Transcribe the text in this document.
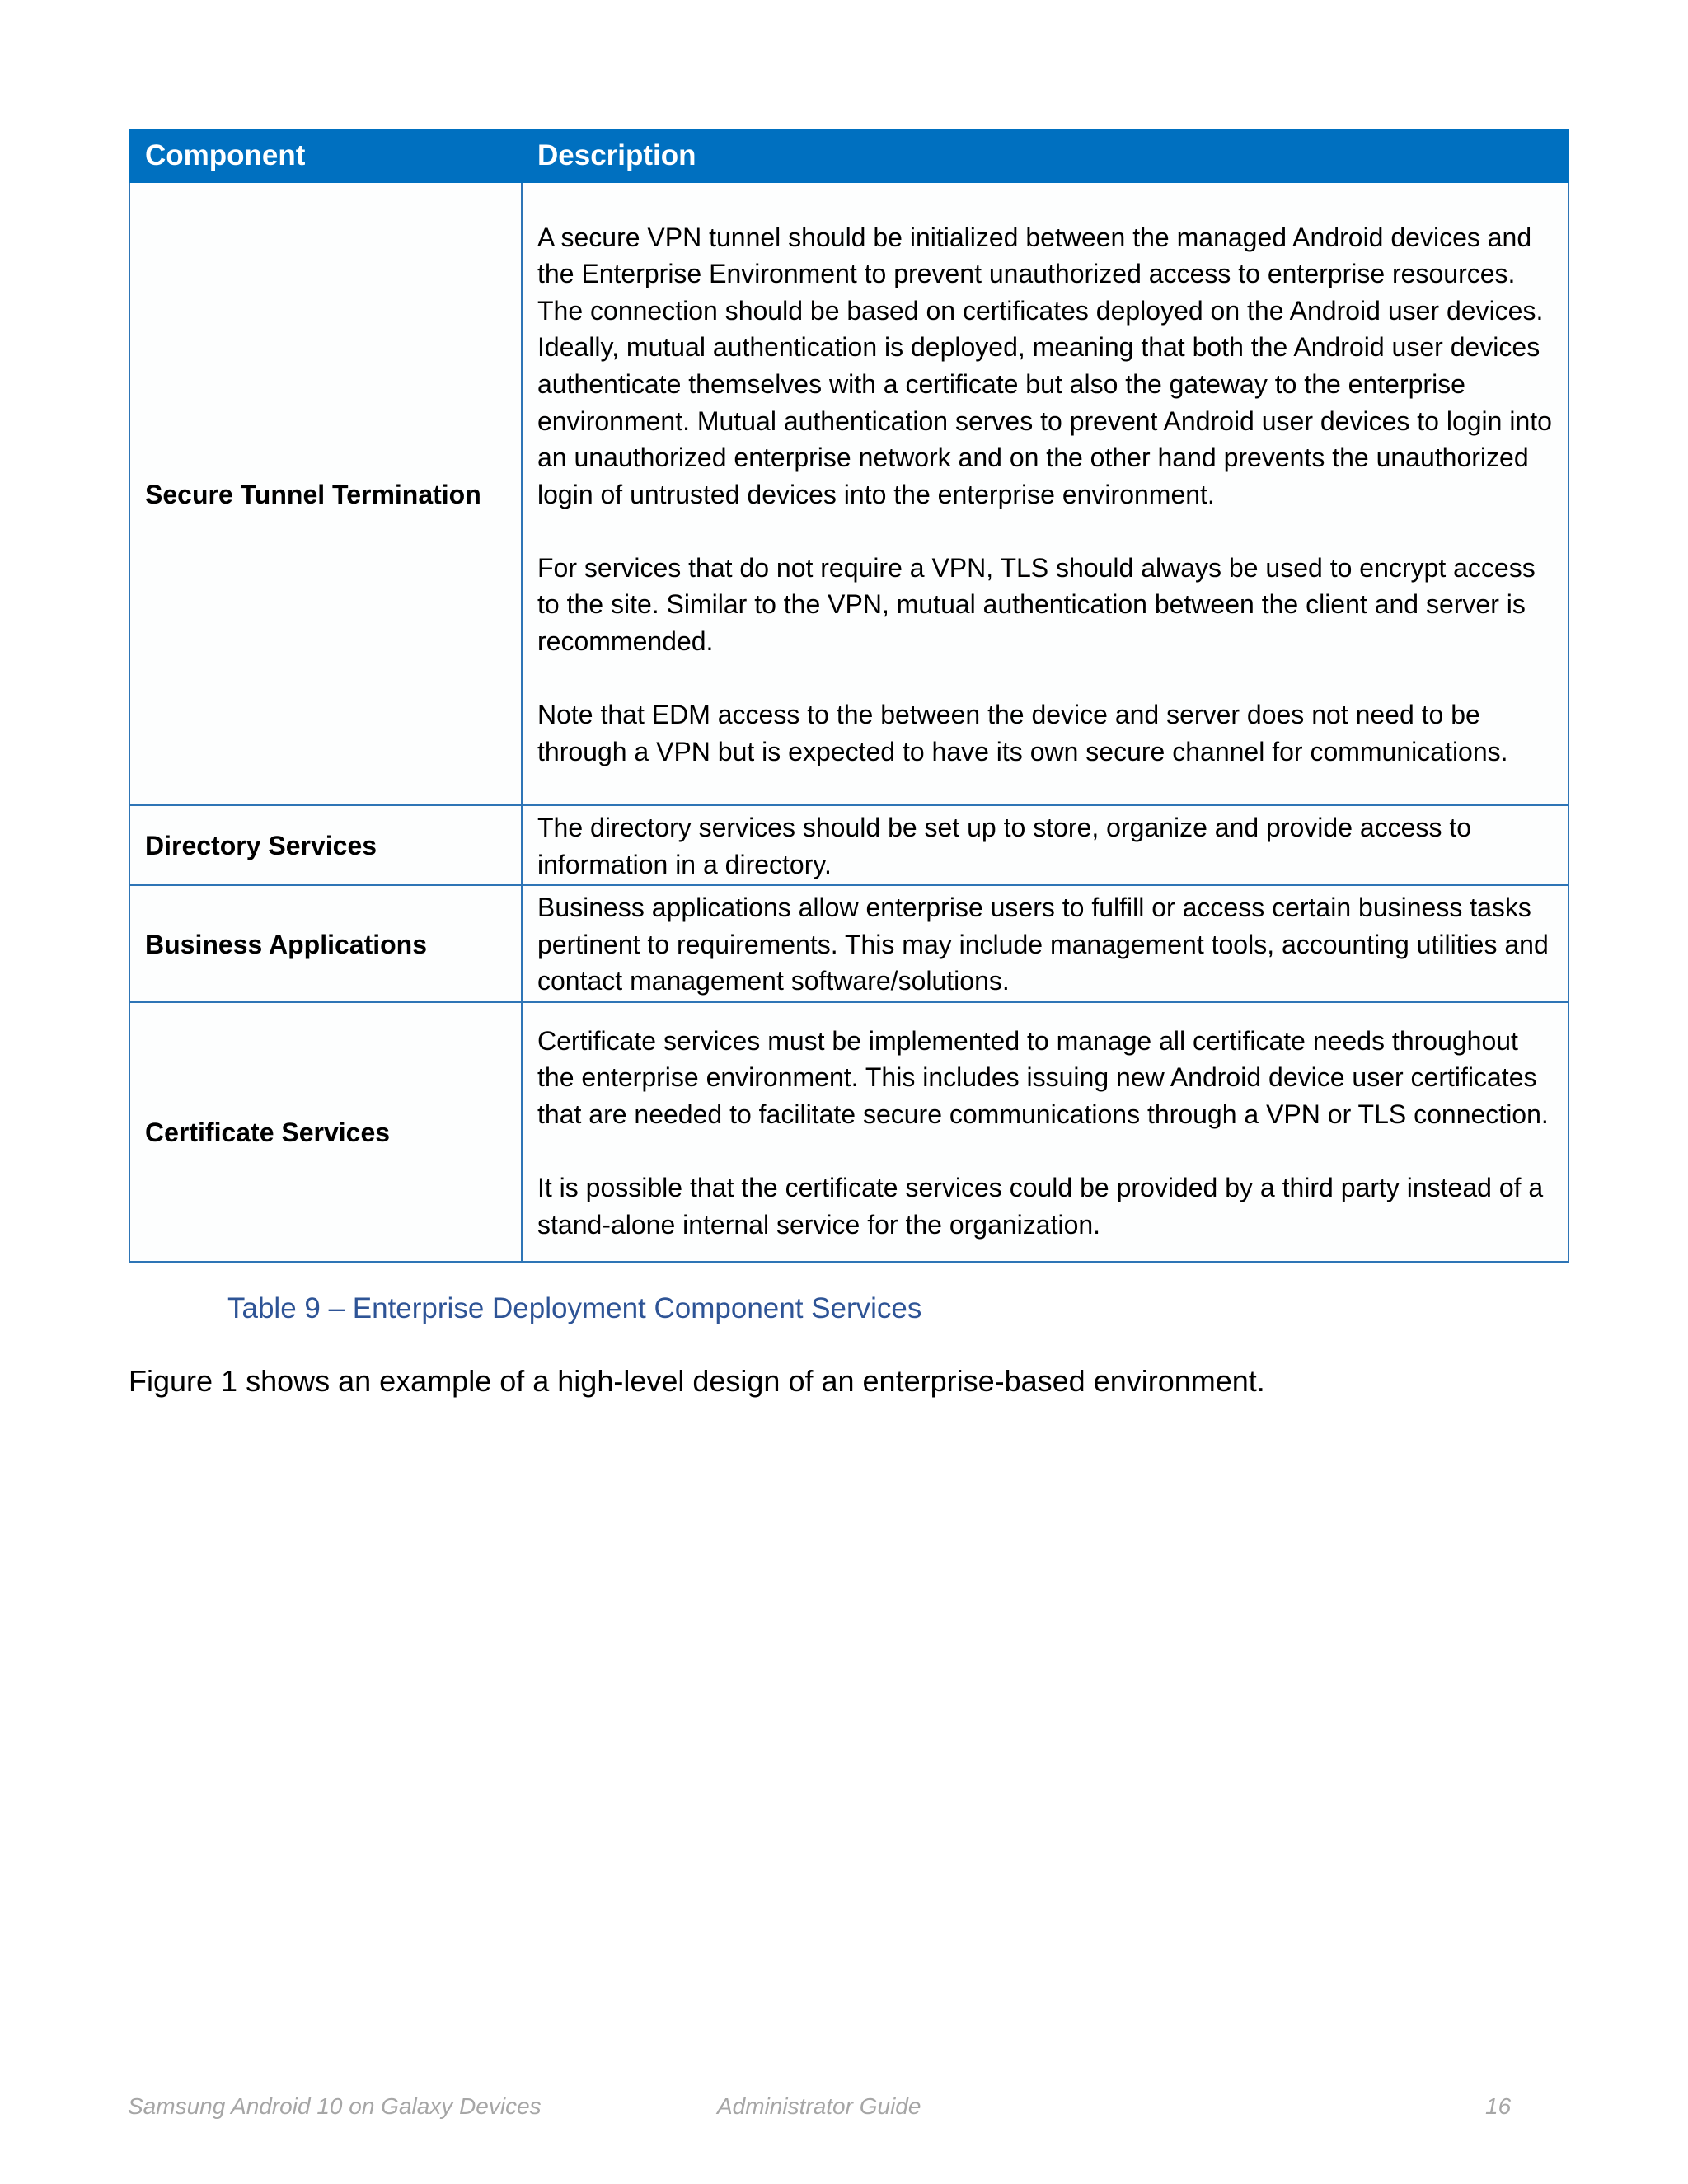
Component	Description
Secure Tunnel Termination	A secure VPN tunnel should be initialized between the managed Android devices and the Enterprise Environment to prevent unauthorized access to enterprise resources. The connection should be based on certificates deployed on the Android user devices. Ideally, mutual authentication is deployed, meaning that both the Android user devices authenticate themselves with a certificate but also the gateway to the enterprise environment. Mutual authentication serves to prevent Android user devices to login into an unauthorized enterprise network and on the other hand prevents the unauthorized login of untrusted devices into the enterprise environment.

For services that do not require a VPN, TLS should always be used to encrypt access to the site. Similar to the VPN, mutual authentication between the client and server is recommended.

Note that EDM access to the between the device and server does not need to be through a VPN but is expected to have its own secure channel for communications.

Directory Services	The directory services should be set up to store, organize and provide access to information in a directory.

Business Applications	Business applications allow enterprise users to fulfill or access certain business tasks pertinent to requirements. This may include management tools, accounting utilities and contact management software/solutions.

Certificate Services	Certificate services must be implemented to manage all certificate needs throughout the enterprise environment. This includes issuing new Android device user certificates that are needed to facilitate secure communications through a VPN or TLS connection.

It is possible that the certificate services could be provided by a third party instead of a stand-alone internal service for the organization.

Table 9 – Enterprise Deployment Component Services
Figure 1 shows an example of a high-level design of an enterprise-based environment.
Samsung Android 10 on Galaxy Devices	Administrator Guide	16
